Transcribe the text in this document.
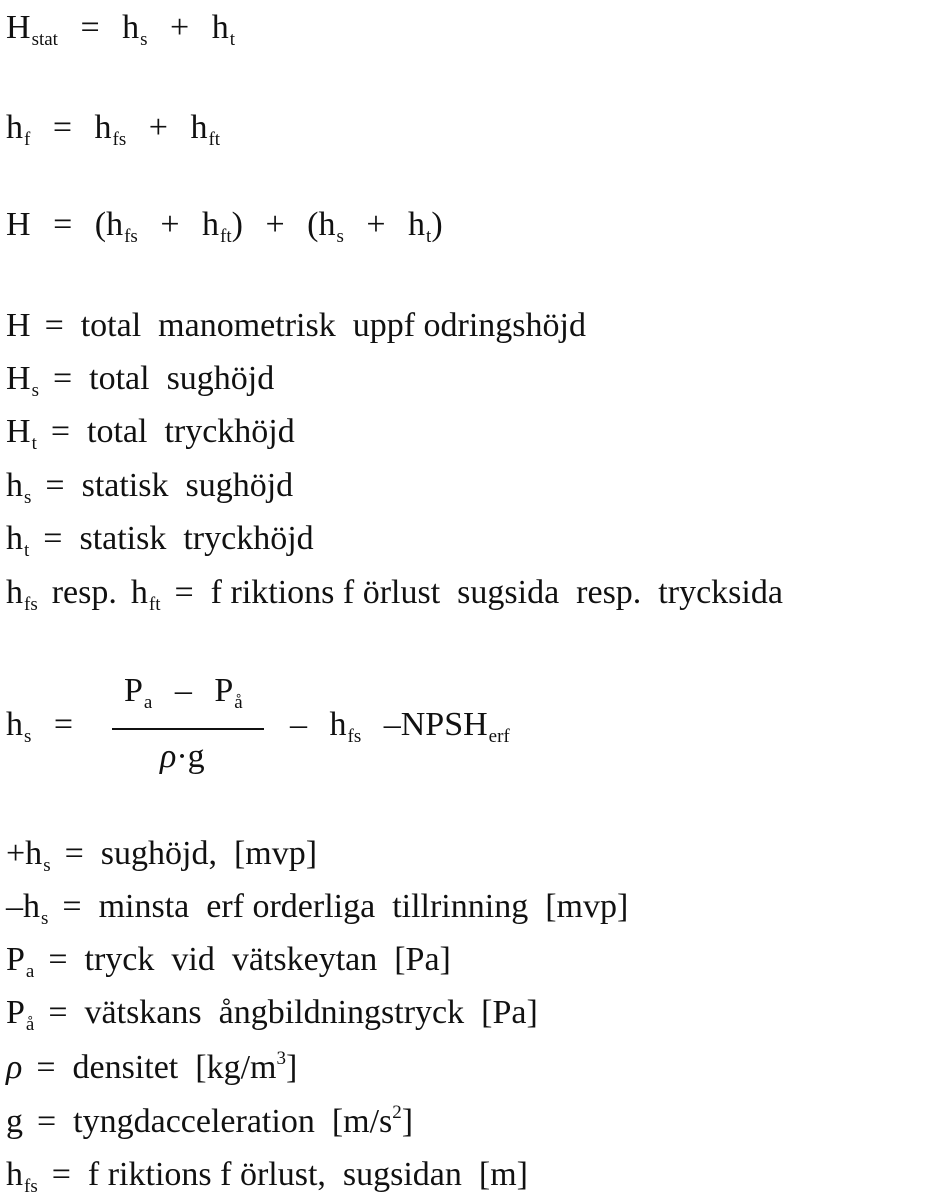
$H_{stat} = h_s + h_t$
$h_f = h_{fs} + h_{ft}$
$H = (h_{fs} + h_{ft}) + (h_s + h_t)$
H =  total  manometrisk  uppf odringshöjd
$H_s$ =  total  sughöjd
$H_t$ =  total  tryckhöjd
$h_s$ =  statisk  sughöjd
$h_t$ =  statisk  tryckhöjd
$h_{fs}$ resp. $h_{ft} = f$ riktions f örlust  sugsida  resp.  trycksida
$h_s$ =
$P_a - P_å$
ρ·g
– $h_{fs}$ $-NPSH_{erf}$
$+h_s$ =  sughöjd,  [mvp]
$-h_s$ =  minsta  erf orderliga  tillrinning  [mvp]
$P_a$ =  tryck  vid  vätskeytan  [Pa]
$P_å$ =  vätskans  ångbildningstryck  [Pa]
ρ =  densitet  $[kg/m^3]$
g =  tyngdacceleration  $[m/s^2]$
$h_{fs} = f$ riktions f örlust,  sugsidan  [m]
